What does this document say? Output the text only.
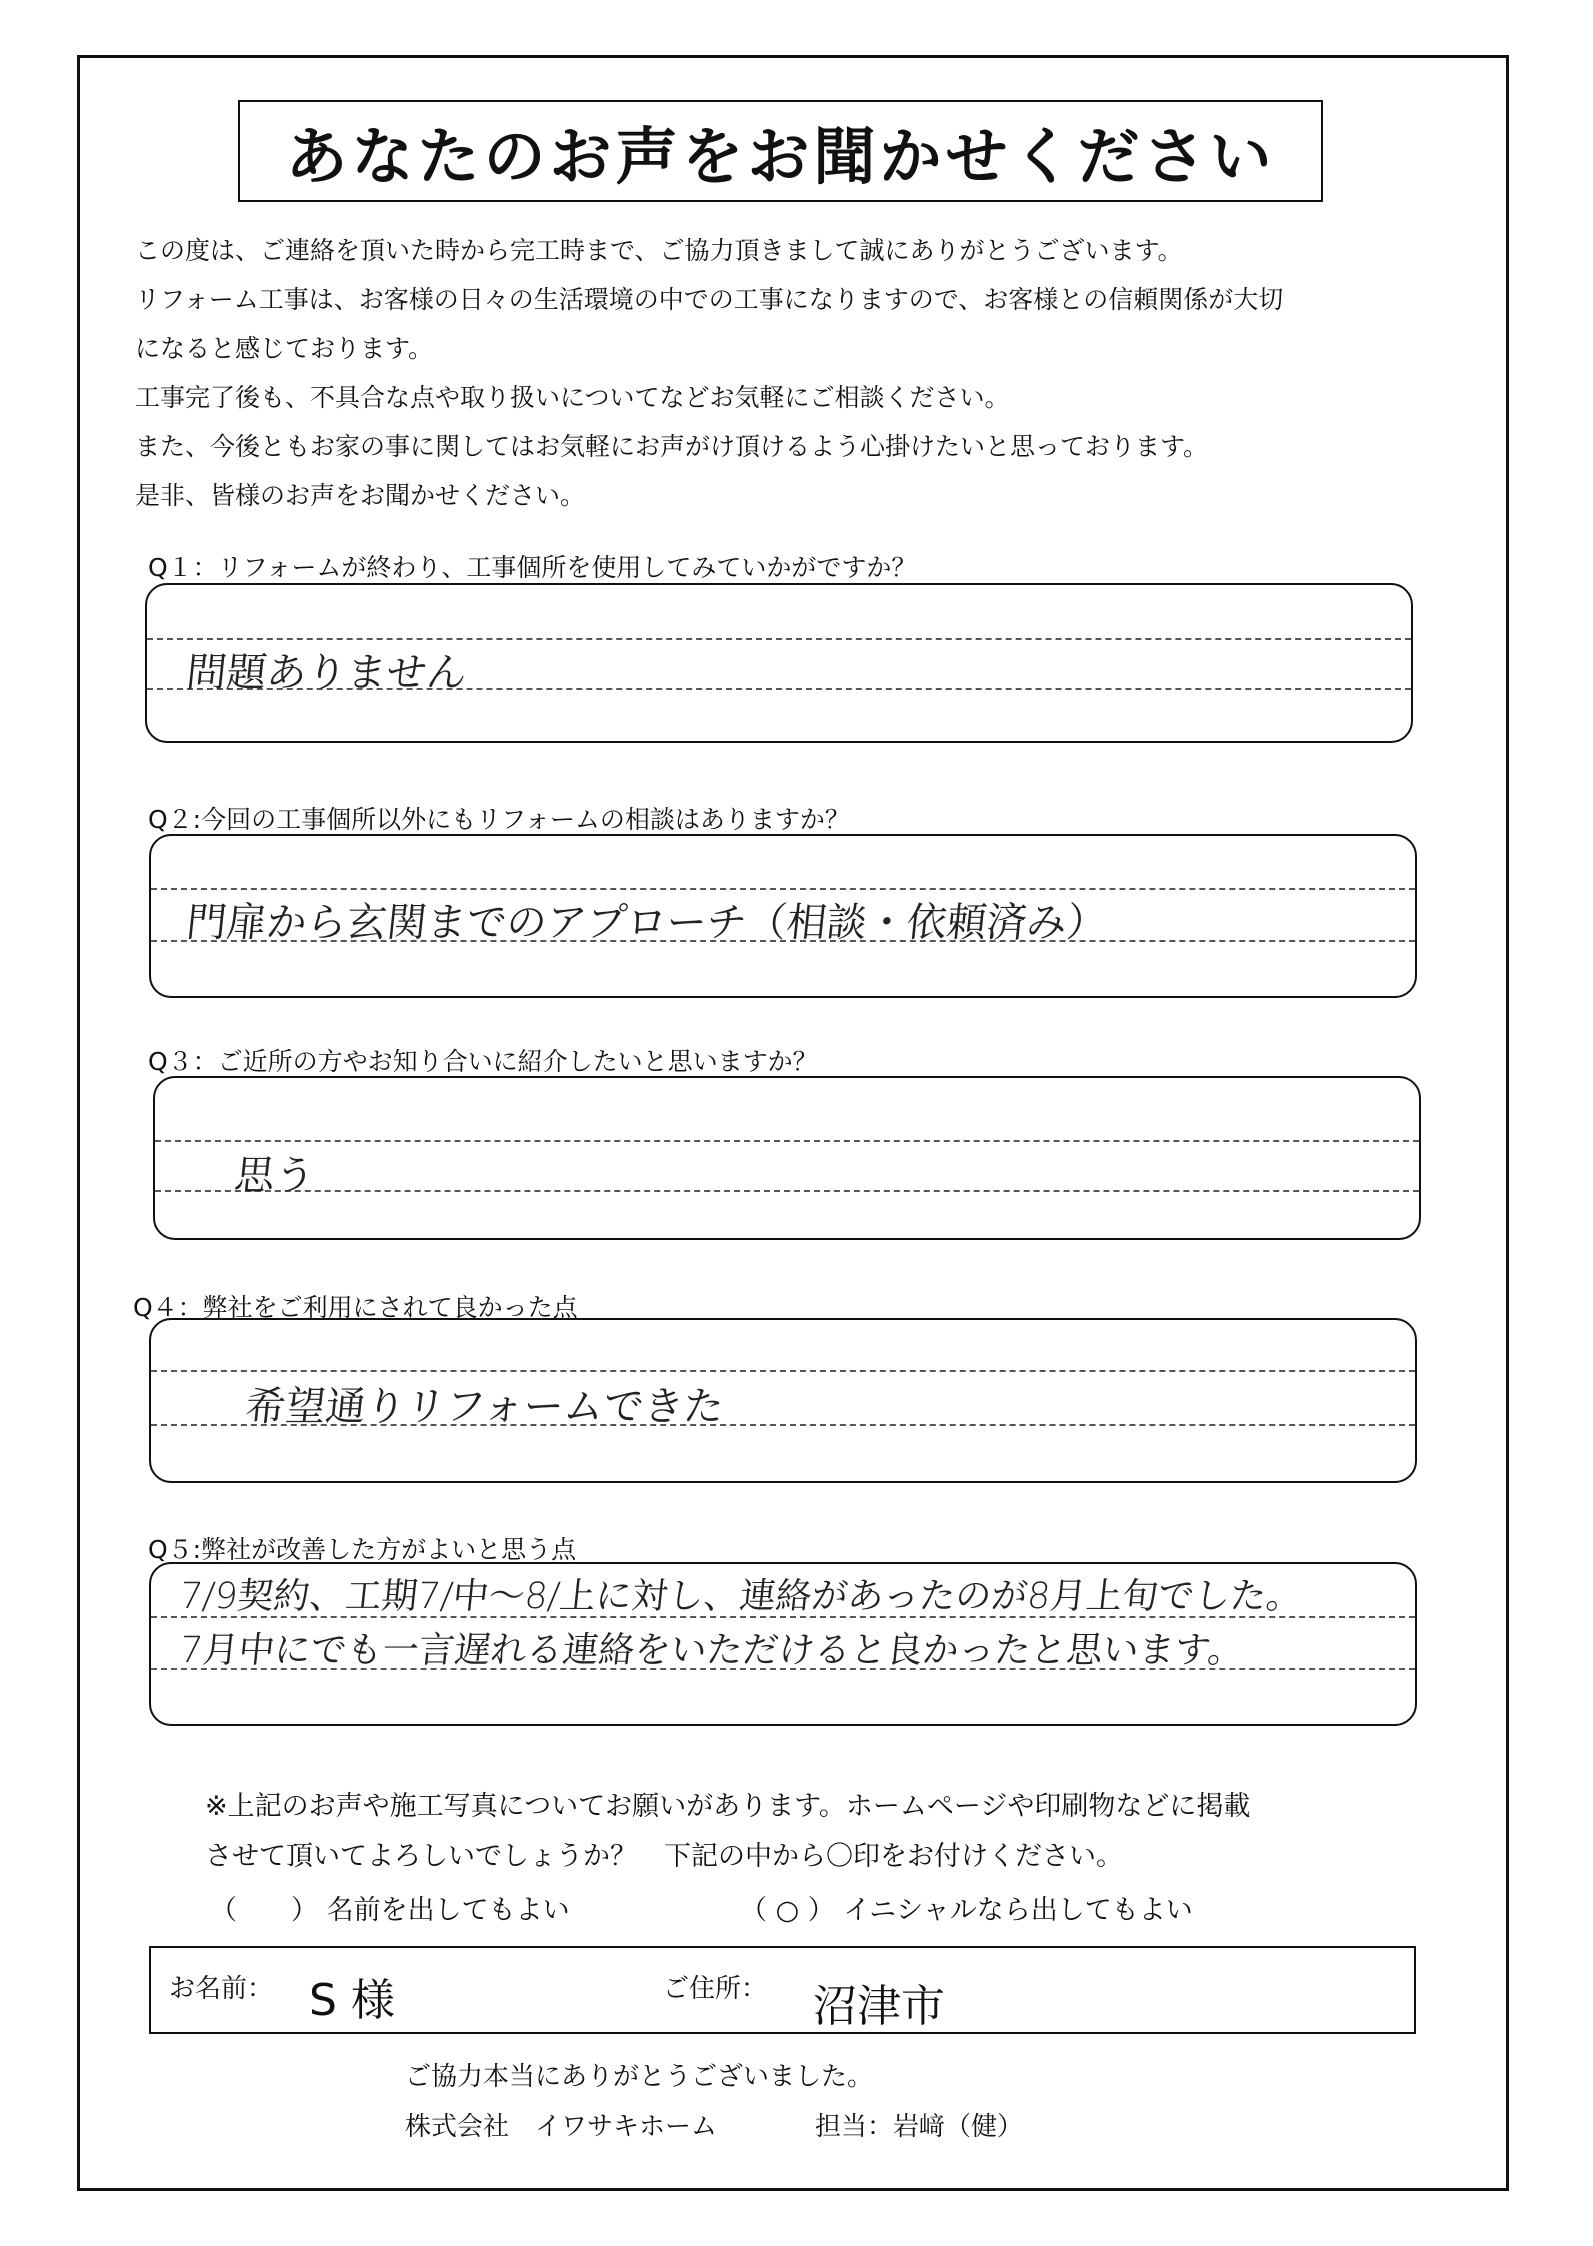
あなたのお声をお聞かせください
この度は、ご連絡を頂いた時から完工時まで、ご協力頂きまして誠にありがとうございます。
リフォーム工事は、お客様の日々の生活環境の中での工事になりますので、お客様との信頼関係が大切
になると感じております。
工事完了後も、不具合な点や取り扱いについてなどお気軽にご相談ください。
また、今後ともお家の事に関してはお気軽にお声がけ頂けるよう心掛けたいと思っております。
是非、皆様のお声をお聞かせください。
Q１：リフォームが終わり、工事個所を使用してみていかがですか？
問題ありません
Q２:今回の工事個所以外にもリフォームの相談はありますか？
門扉から玄関までのアプローチ（相談・依頼済み）
Q３：ご近所の方やお知り合いに紹介したいと思いますか？
思う
Q４：弊社をご利用にされて良かった点
希望通りリフォームできた
Q５:弊社が改善した方がよいと思う点
7/9契約、工期7/中～8/上に対し、連絡があったのが8月上旬でした。
7月中にでも一言遅れる連絡をいただけると良かったと思います。
※上記のお声や施工写真についてお願いがあります。ホームページや印刷物などに掲載
させて頂いてよろしいでしょうか？　下記の中から〇印をお付けください。
（　　） 名前を出してもよい	（ ○ ） イニシャルなら出してもよい
お名前： S 様	ご住所： 沼津市
ご協力本当にありがとうございました。
株式会社　イワサキホーム	担当：岩﨑（健）
